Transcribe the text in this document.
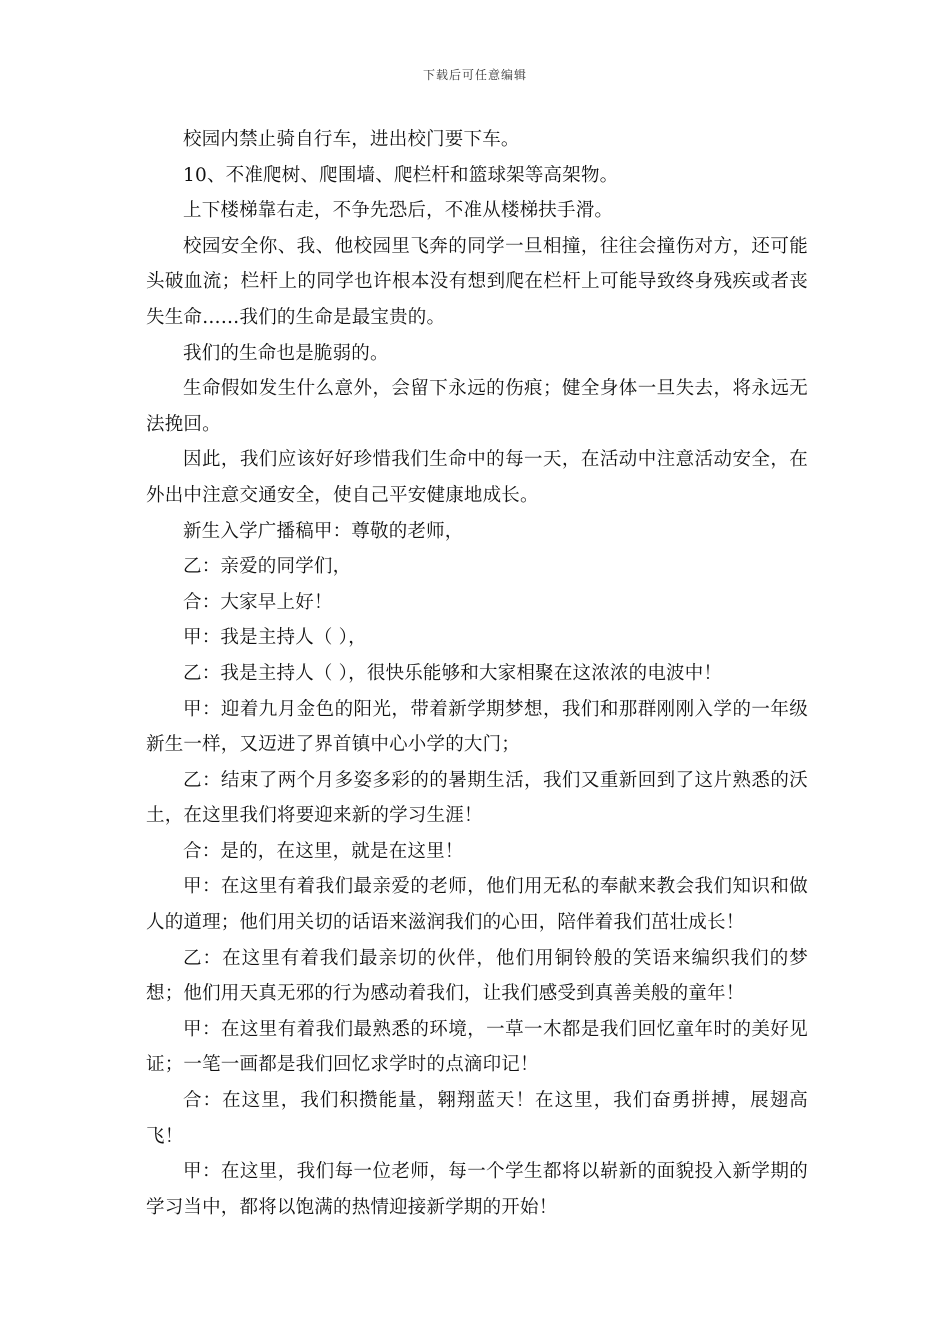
下载后可任意编辑

校园内禁止骑自行车，进出校门要下车。

10、不准爬树、爬围墙、爬栏杆和篮球架等高架物。

上下楼梯靠右走，不争先恐后，不准从楼梯扶手滑。

校园安全你、我、他校园里飞奔的同学一旦相撞，往往会撞伤对方，还可能头破血流；栏杆上的同学也许根本没有想到爬在栏杆上可能导致终身残疾或者丧失生命……我们的生命是最宝贵的。

我们的生命也是脆弱的。

生命假如发生什么意外，会留下永远的伤痕；健全身体一旦失去，将永远无法挽回。

因此，我们应该好好珍惜我们生命中的每一天，在活动中注意活动安全，在外出中注意交通安全，使自己平安健康地成长。

新生入学广播稿甲：尊敬的老师，

乙：亲爱的同学们，

合：大家早上好！

甲：我是主持人（ ），

乙：我是主持人（ ），很快乐能够和大家相聚在这浓浓的电波中！

甲：迎着九月金色的阳光，带着新学期梦想，我们和那群刚刚入学的一年级新生一样，又迈进了界首镇中心小学的大门；

乙：结束了两个月多姿多彩的的暑期生活，我们又重新回到了这片熟悉的沃土，在这里我们将要迎来新的学习生涯！

合：是的，在这里，就是在这里！

甲：在这里有着我们最亲爱的老师，他们用无私的奉献来教会我们知识和做人的道理；他们用关切的话语来滋润我们的心田，陪伴着我们茁壮成长！

乙：在这里有着我们最亲切的伙伴，他们用铜铃般的笑语来编织我们的梦想；他们用天真无邪的行为感动着我们，让我们感受到真善美般的童年！

甲：在这里有着我们最熟悉的环境，一草一木都是我们回忆童年时的美好见证；一笔一画都是我们回忆求学时的点滴印记！

合：在这里，我们积攒能量，翱翔蓝天！在这里，我们奋勇拼搏，展翅高飞！

甲：在这里，我们每一位老师，每一个学生都将以崭新的面貌投入新学期的学习当中，都将以饱满的热情迎接新学期的开始！
